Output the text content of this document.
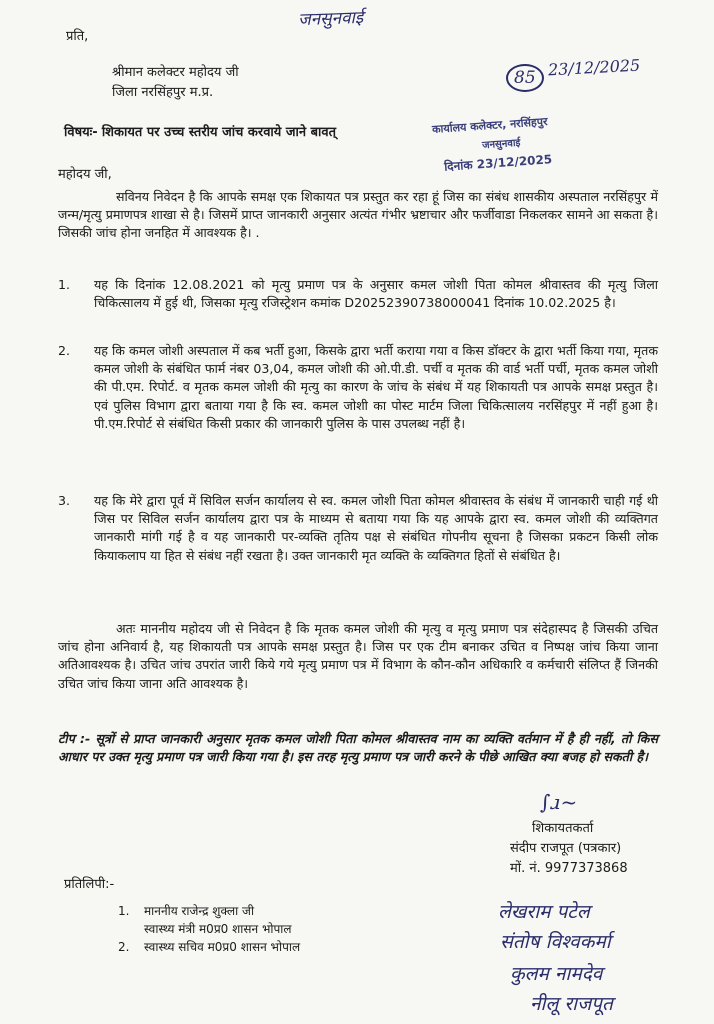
जनसुनवाई
23/12/2025
85
प्रति,
श्रीमान कलेक्टर महोदय जी
जिला नरसिंहपुर म.प्र.
विषयः- शिकायत पर उच्च स्तरीय जांच करवाये जाने बावत्	कार्यालय कलेक्टर, नरसिंहपुर
जनसुनवाई
दिनांक 23/12/2025
महोदय जी,
सविनय निवेदन है कि आपके समक्ष एक शिकायत पत्र प्रस्तुत कर रहा हूं जिस का संबंध शासकीय अस्पताल नरसिंहपुर में जन्म/मृत्यु प्रमाणपत्र शाखा से है। जिसमें प्राप्त जानकारी अनुसार अत्यंत गंभीर भ्रष्टाचार और फर्जीवाडा निकलकर सामने आ सकता है। जिसकी जांच होना जनहित में आवश्यक है। .
1. यह कि दिनांक 12.08.2021 को मृत्यु प्रमाण पत्र के अनुसार कमल जोशी पिता कोमल श्रीवास्तव की मृत्यु जिला चिकित्सालय में हुई थी, जिसका मृत्यु रजिस्ट्रेशन कमांक D20252390738000041 दिनांक 10.02.2025 है।
2. यह कि कमल जोशी अस्पताल में कब भर्ती हुआ, किसके द्वारा भर्ती कराया गया व किस डॉक्टर के द्वारा भर्ती किया गया, मृतक कमल जोशी के संबंधित फार्म नंबर 03,04, कमल जोशी की ओ.पी.डी. पर्ची व मृतक की वार्ड भर्ती पर्ची, मृतक कमल जोशी की पी.एम. रिपोर्ट. व मृतक कमल जोशी की मृत्यु का कारण के जांच के संबंध में यह शिकायती पत्र आपके समक्ष प्रस्तुत है। एवं पुलिस विभाग द्वारा बताया गया है कि स्व. कमल जोशी का पोस्ट मार्टम जिला चिकित्सालय नरसिंहपुर में नहीं हुआ है। पी.एम.रिपोर्ट से संबंधित किसी प्रकार की जानकारी पुलिस के पास उपलब्ध नहीं है।
3. यह कि मेरे द्वारा पूर्व में सिविल सर्जन कार्यालय से स्व. कमल जोशी पिता कोमल श्रीवास्तव के संबंध में जानकारी चाही गई थी जिस पर सिविल सर्जन कार्यालय द्वारा पत्र के माध्यम से बताया गया कि यह आपके द्वारा स्व. कमल जोशी की व्यक्तिगत जानकारी मांगी गई है व यह जानकारी पर-व्यक्ति तृतिय पक्ष से संबंधित गोपनीय सूचना है जिसका प्रकटन किसी लोक कियाकलाप या हित से संबंध नहीं रखता है। उक्त जानकारी मृत व्यक्ति के व्यक्तिगत हितों से संबंधित है।
अतः माननीय महोदय जी से निवेदन है कि मृतक कमल जोशी की मृत्यु व मृत्यु प्रमाण पत्र संदेहास्पद है जिसकी उचित जांच होना अनिवार्य है, यह शिकायती पत्र आपके समक्ष प्रस्तुत है। जिस पर एक टीम बनाकर उचित व निष्पक्ष जांच किया जाना अतिआवश्यक है। उचित जांच उपरांत जारी किये गये मृत्यु प्रमाण पत्र में विभाग के कौन-कौन अधिकारि व कर्मचारी संलिप्त हैं जिनकी उचित जांच किया जाना अति आवश्यक है।
टीप :- सूत्रों से प्राप्त जानकारी अनुसार मृतक कमल जोशी पिता कोमल श्रीवास्तव नाम का व्यक्ति वर्तमान में है ही नहीं, तो किस आधार पर उक्त मृत्यु प्रमाण पत्र जारी किया गया है। इस तरह मृत्यु प्रमाण पत्र जारी करने के पीछे आखित क्या बजह हो सकती है।
∫ɹ~
शिकायतकर्ता
संदीप राजपूत (पत्रकार)
मों. नं. 9977373868
प्रतिलिपी:-
1. माननीय राजेन्द्र शुक्ला जी
स्वास्थ्य मंत्री म0प्र0 शासन भोपाल
2. स्वास्थ्य सचिव म0प्र0 शासन भोपाल
लेखराम पटेल
संतोष विश्वकर्मा
कुलम नामदेव
नीलू राजपूत
